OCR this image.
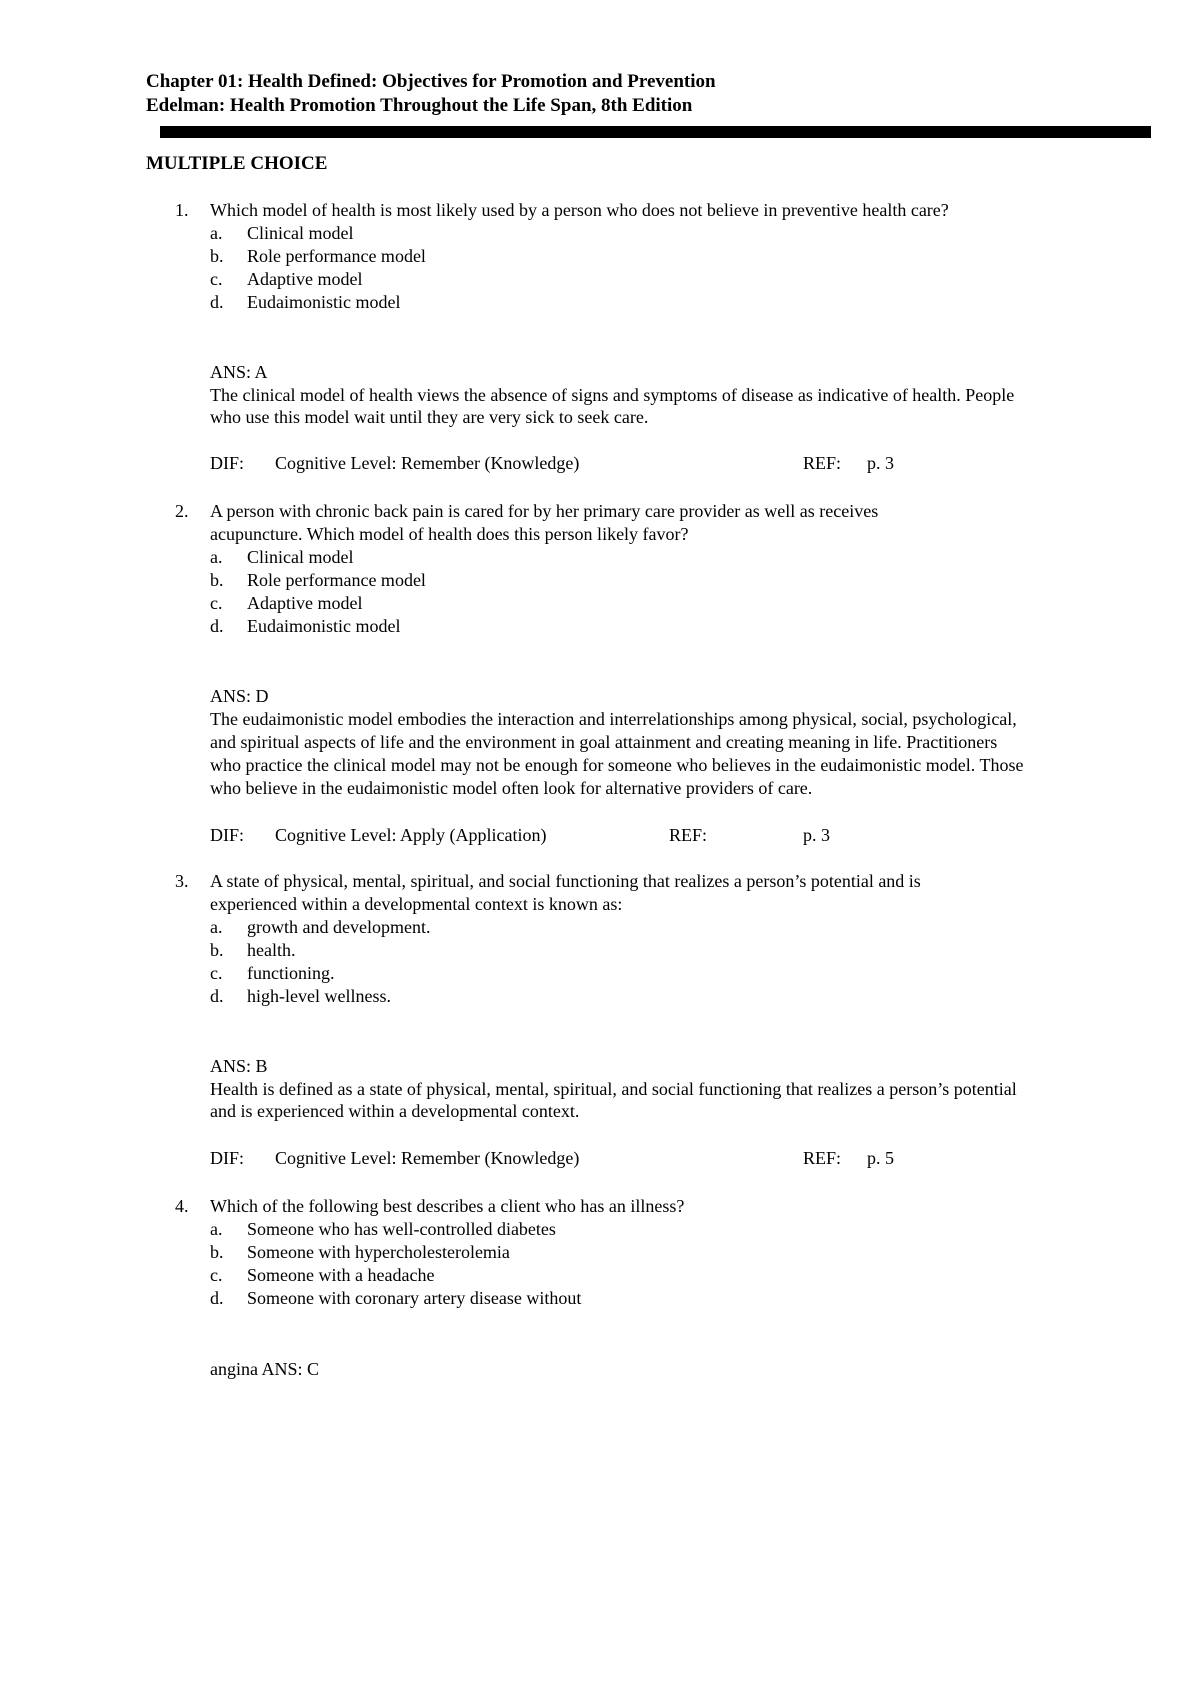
Chapter 01: Health Defined: Objectives for Promotion and Prevention
Edelman: Health Promotion Throughout the Life Span, 8th Edition
MULTIPLE CHOICE
1. Which model of health is most likely used by a person who does not believe in preventive health care?
a. Clinical model
b. Role performance model
c. Adaptive model
d. Eudaimonistic model
ANS: A
The clinical model of health views the absence of signs and symptoms of disease as indicative of health. People
who use this model wait until they are very sick to seek care.
DIF: Cognitive Level: Remember (Knowledge)	REF: p. 3
2. A person with chronic back pain is cared for by her primary care provider as well as receives
acupuncture. Which model of health does this person likely favor?
a. Clinical model
b. Role performance model
c. Adaptive model
d. Eudaimonistic model
ANS: D
The eudaimonistic model embodies the interaction and interrelationships among physical, social, psychological,
and spiritual aspects of life and the environment in goal attainment and creating meaning in life. Practitioners
who practice the clinical model may not be enough for someone who believes in the eudaimonistic model. Those
who believe in the eudaimonistic model often look for alternative providers of care.
DIF: Cognitive Level: Apply (Application)	REF:	p. 3
3. A state of physical, mental, spiritual, and social functioning that realizes a person’s potential and is
experienced within a developmental context is known as:
a. growth and development.
b. health.
c. functioning.
d. high-level wellness.
ANS: B
Health is defined as a state of physical, mental, spiritual, and social functioning that realizes a person’s potential
and is experienced within a developmental context.
DIF: Cognitive Level: Remember (Knowledge)	REF: p. 5
4. Which of the following best describes a client who has an illness?
a. Someone who has well-controlled diabetes
b. Someone with hypercholesterolemia
c. Someone with a headache
d. Someone with coronary artery disease without
angina ANS: C
